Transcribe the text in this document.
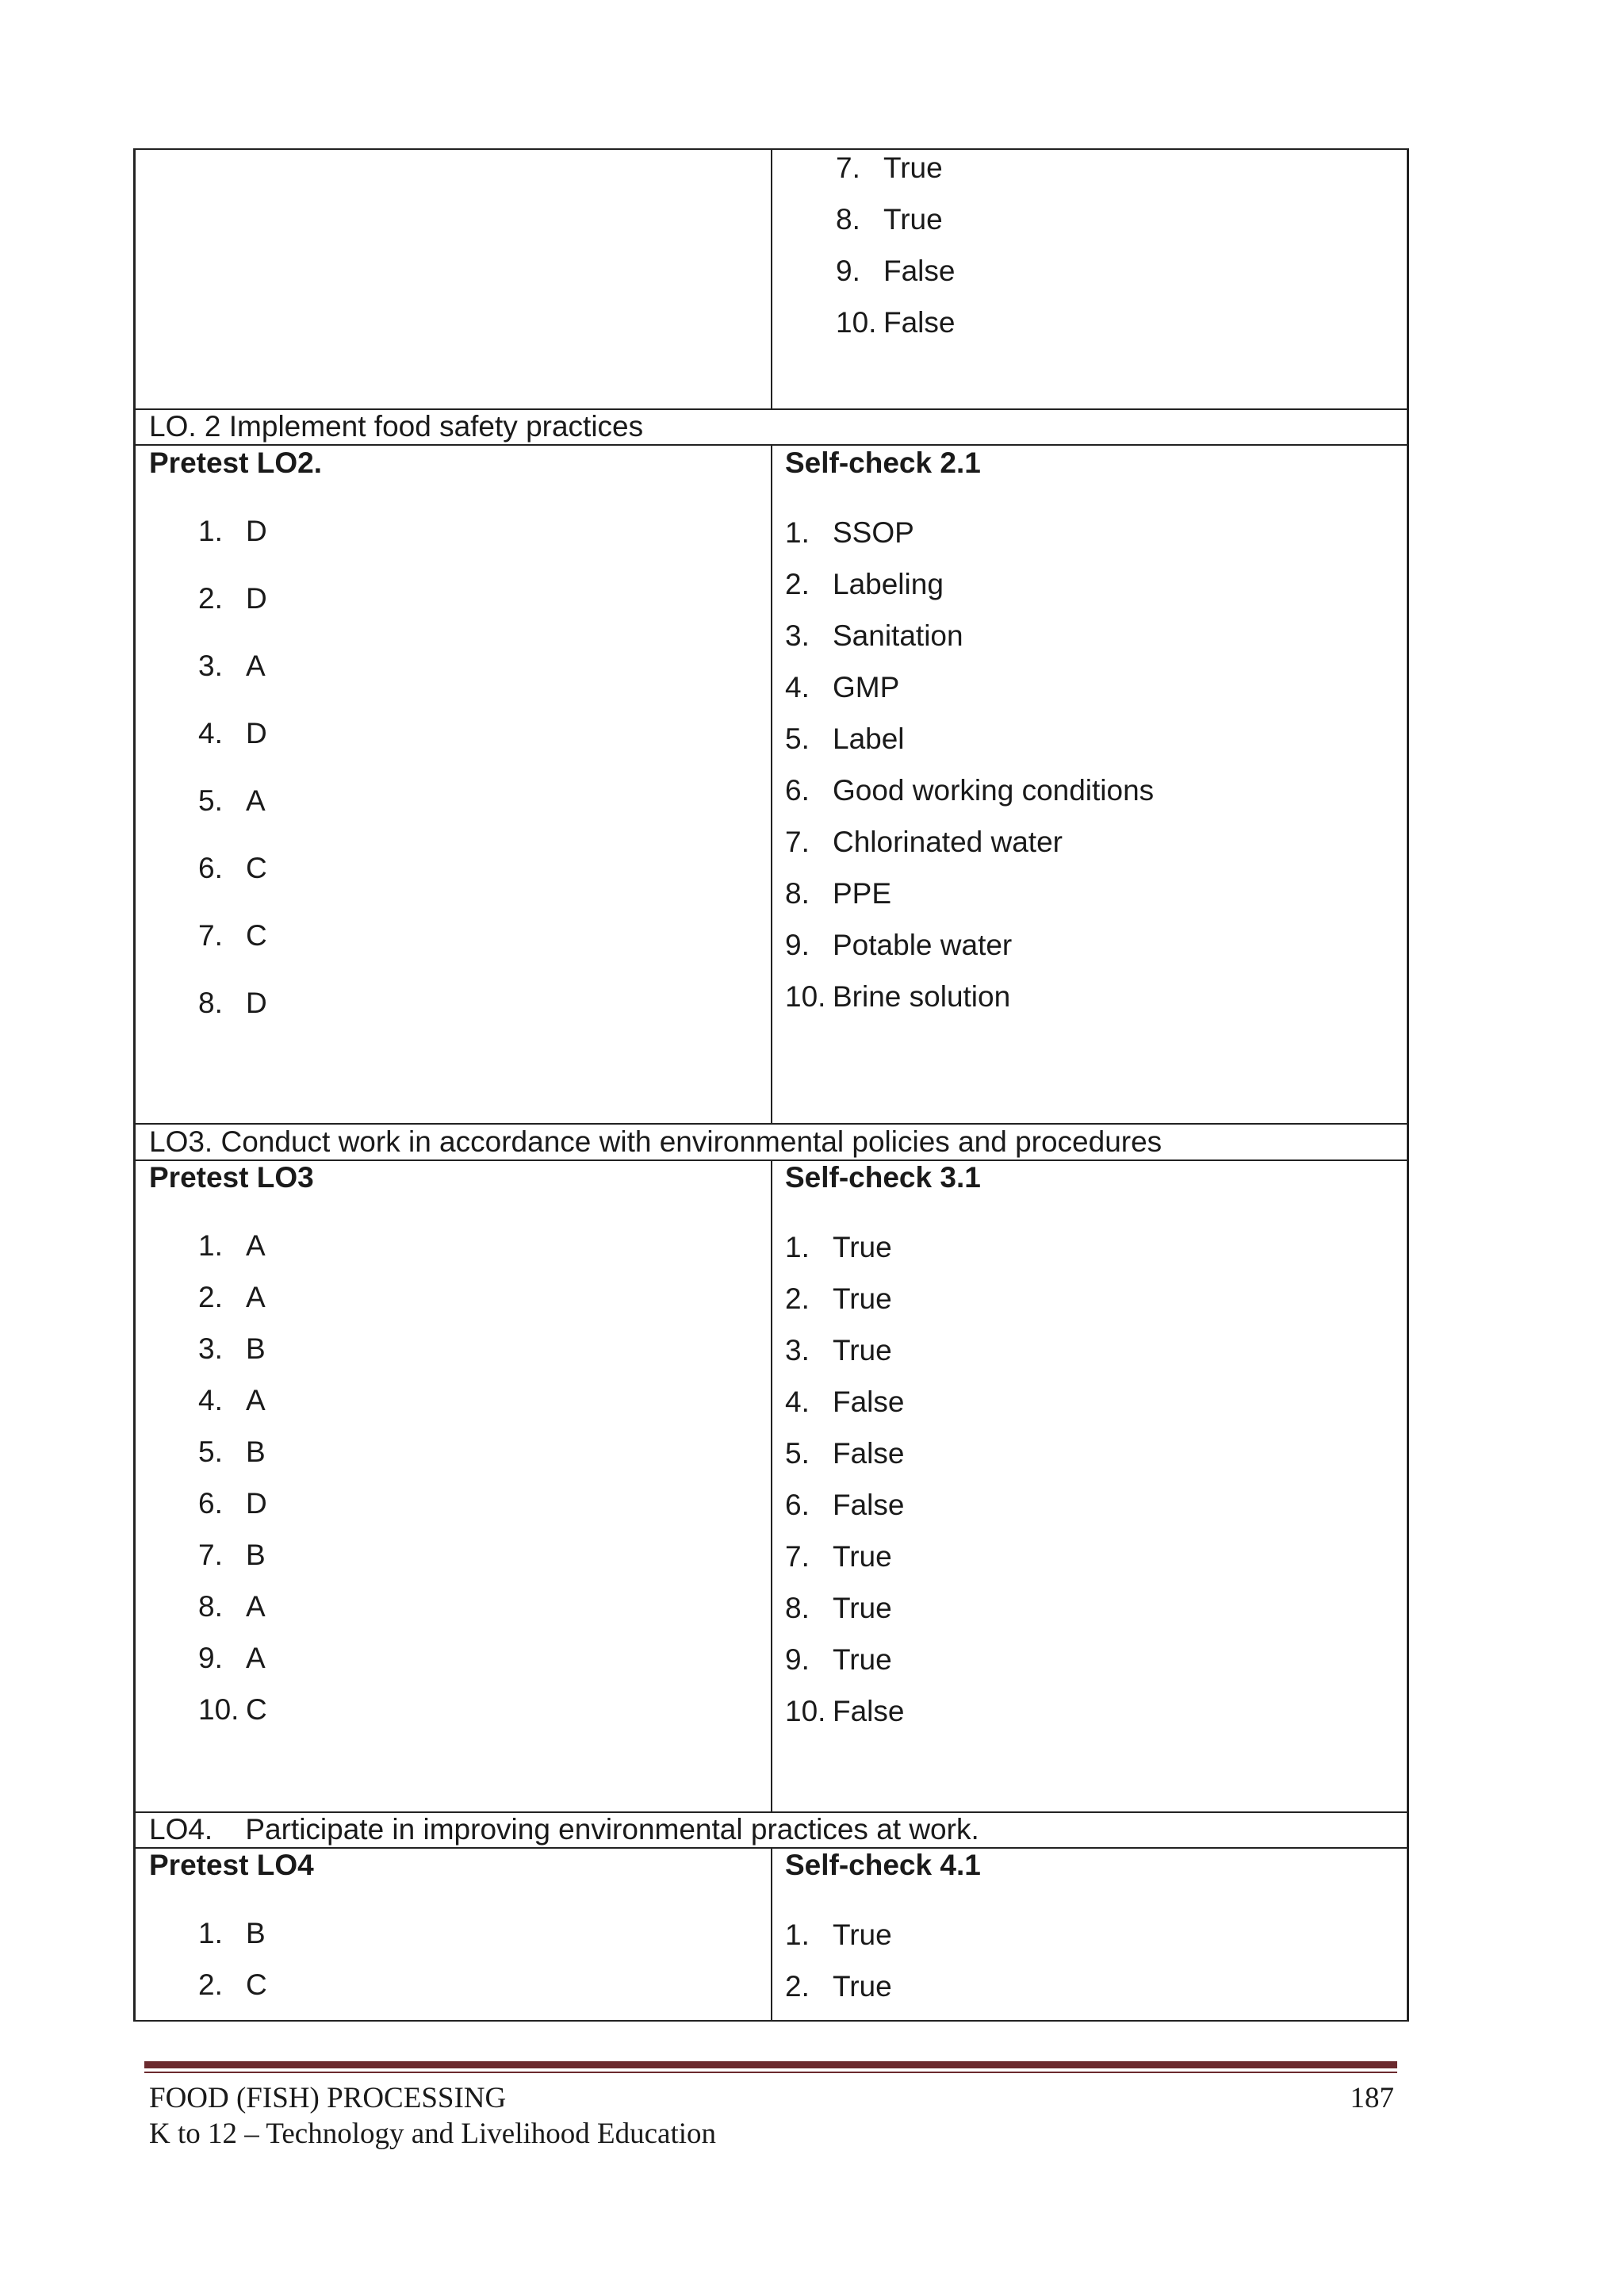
7. True
8. True
9. False
10. False
LO. 2 Implement food safety practices
Pretest LO2.
1. D
2. D
3. A
4. D
5. A
6. C
7. C
8. D
Self-check 2.1
1. SSOP
2. Labeling
3. Sanitation
4. GMP
5. Label
6. Good working conditions
7. Chlorinated water
8. PPE
9. Potable water
10. Brine solution
LO3. Conduct work in accordance with environmental policies and procedures
Pretest LO3
1. A
2. A
3. B
4. A
5. B
6. D
7. B
8. A
9. A
10. C
Self-check 3.1
1. True
2. True
3. True
4. False
5. False
6. False
7. True
8. True
9. True
10. False
LO4.    Participate in improving environmental practices at work.
Pretest LO4
1. B
2. C
Self-check 4.1
1. True
2. True
FOOD (FISH) PROCESSING	187
K to 12 – Technology and Livelihood Education
